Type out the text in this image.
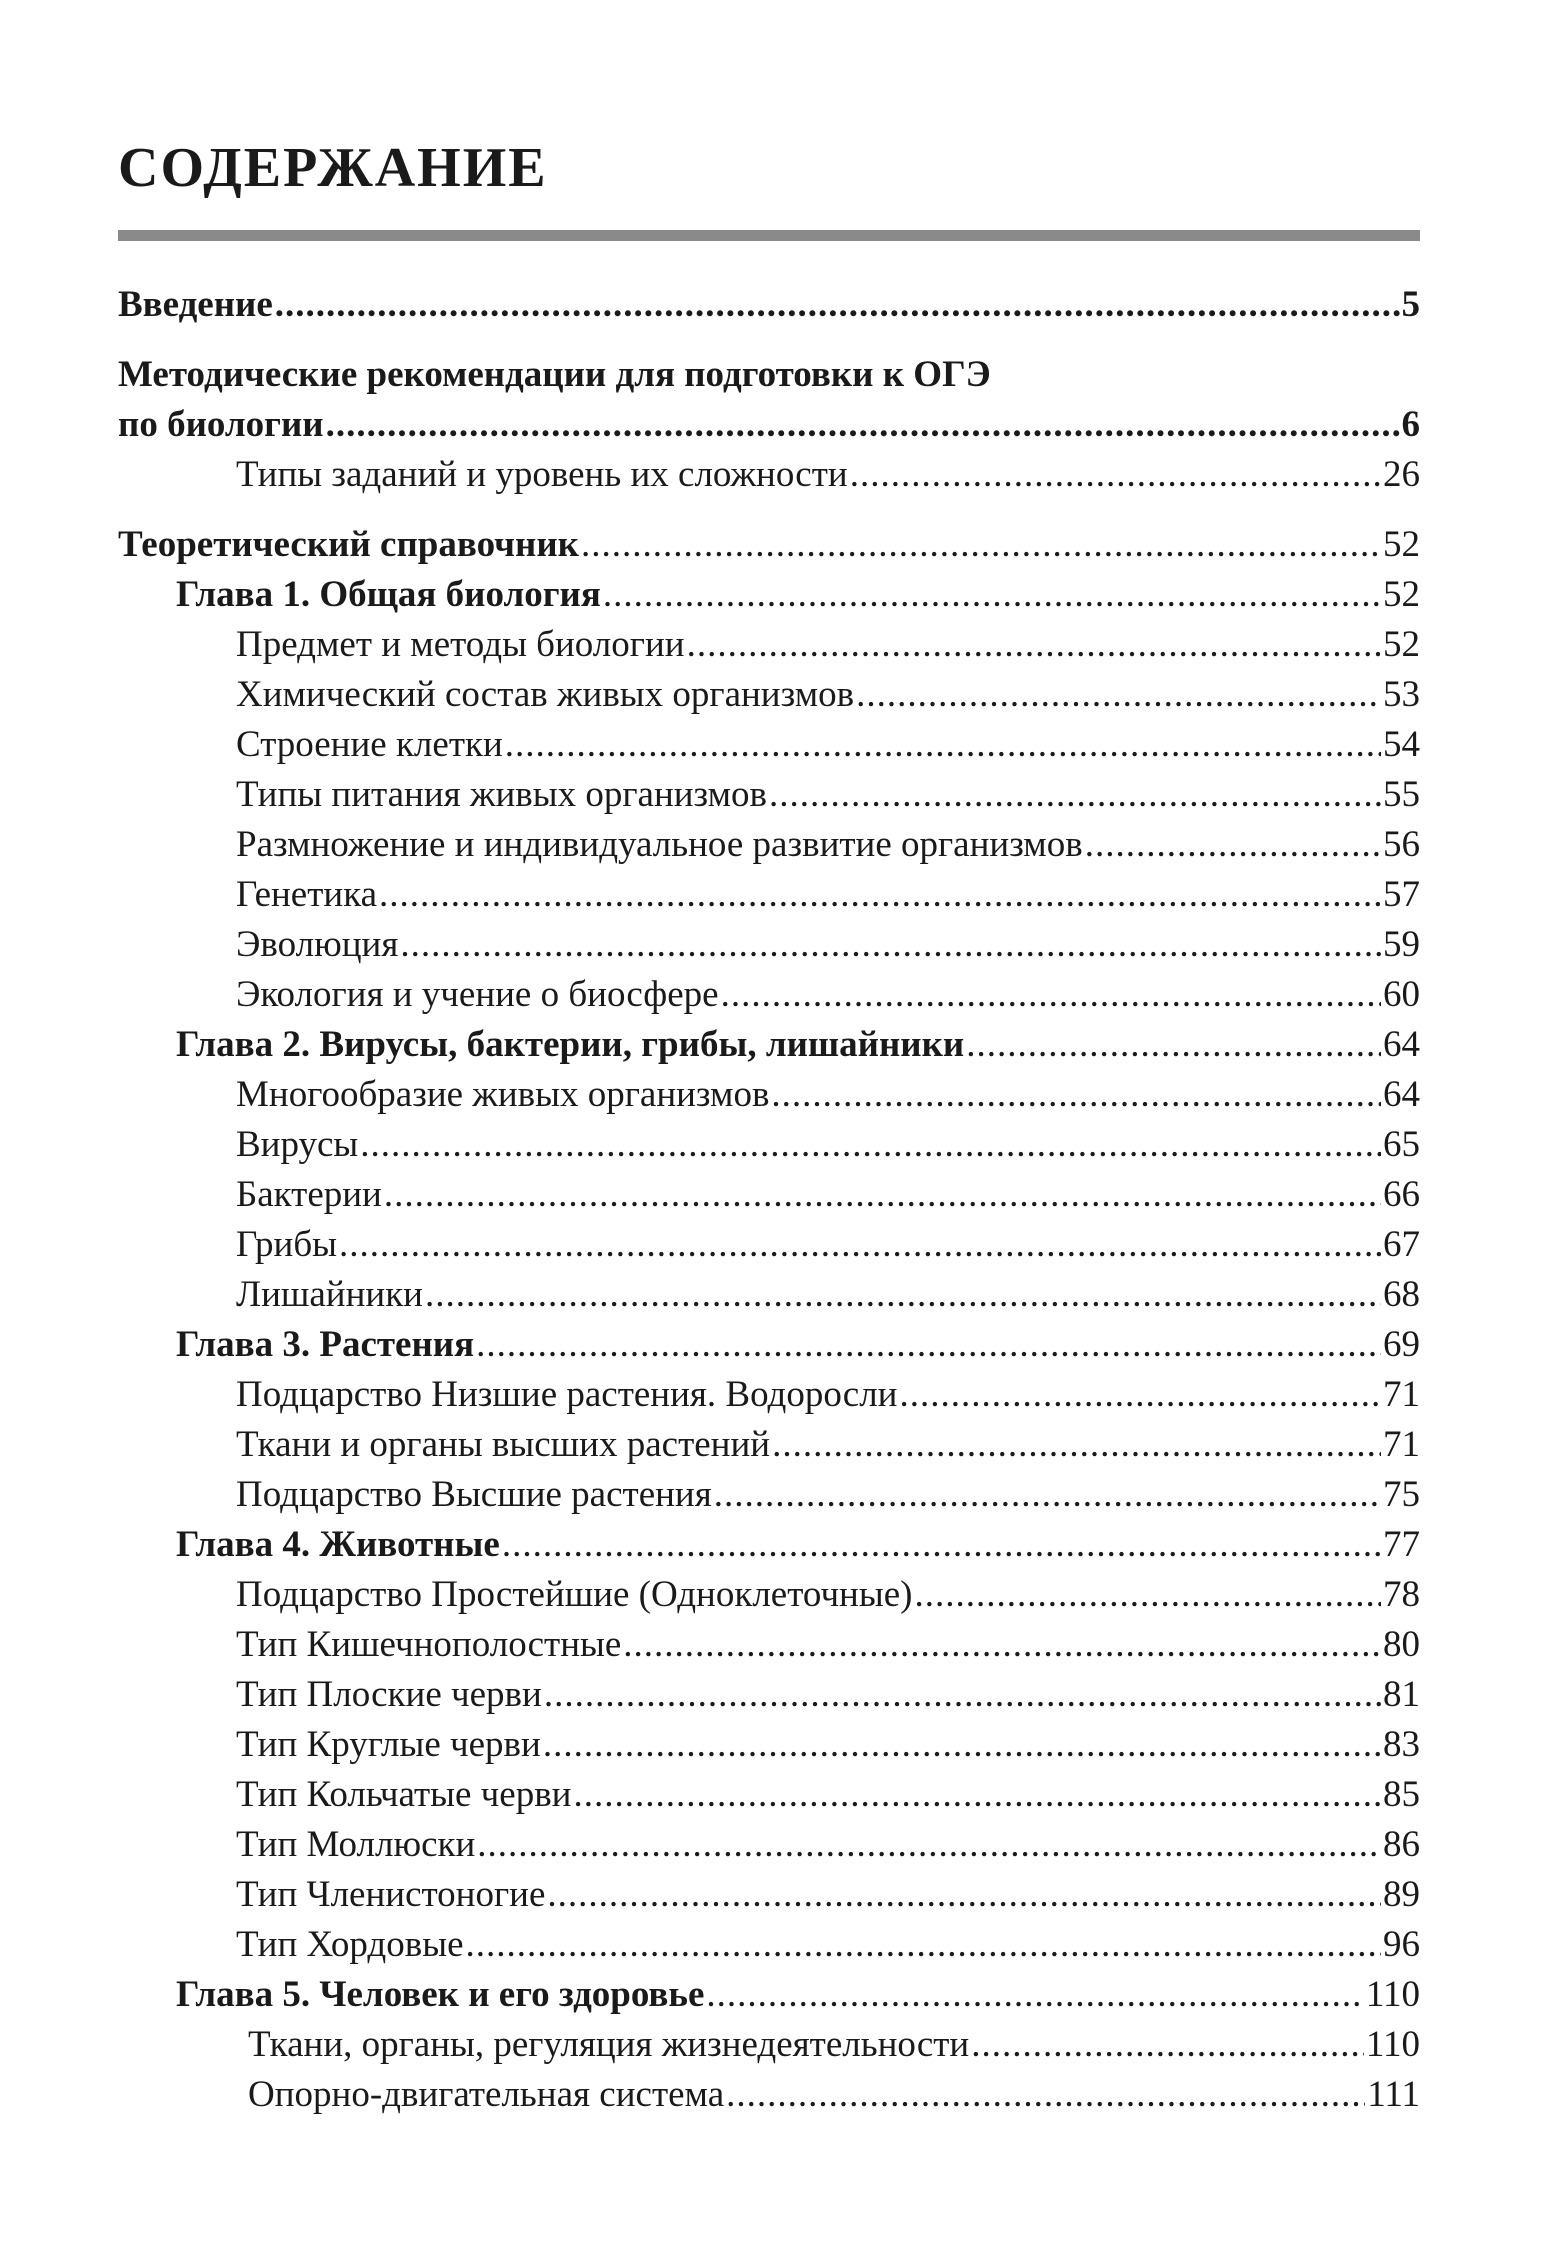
СОДЕРЖАНИЕ
Введение .....	5
Методические рекомендации для подготовки к ОГЭ
по биологии .....	6
Типы заданий и уровень их сложности .....	26
Теоретический справочник .....	52
Глава 1. Общая биология .....	52
Предмет и методы биологии .....	52
Химический состав живых организмов .....	53
Строение клетки .....	54
Типы питания живых организмов .....	55
Размножение и индивидуальное развитие организмов .....	56
Генетика .....	57
Эволюция .....	59
Экология и учение о биосфере .....	60
Глава 2. Вирусы, бактерии, грибы, лишайники .....	64
Многообразие живых организмов .....	64
Вирусы .....	65
Бактерии .....	66
Грибы .....	67
Лишайники .....	68
Глава 3. Растения .....	69
Подцарство Низшие растения. Водоросли .....	71
Ткани и органы высших растений .....	71
Подцарство Высшие растения .....	75
Глава 4. Животные .....	77
Подцарство Простейшие (Одноклеточные) .....	78
Тип Кишечнополостные .....	80
Тип Плоские черви .....	81
Тип Круглые черви .....	83
Тип Кольчатые черви .....	85
Тип Моллюски .....	86
Тип Членистоногие .....	89
Тип Хордовые .....	96
Глава 5. Человек и его здоровье .....	110
Ткани, органы, регуляция жизнедеятельности .....	110
Опорно-двигательная система .....	111
